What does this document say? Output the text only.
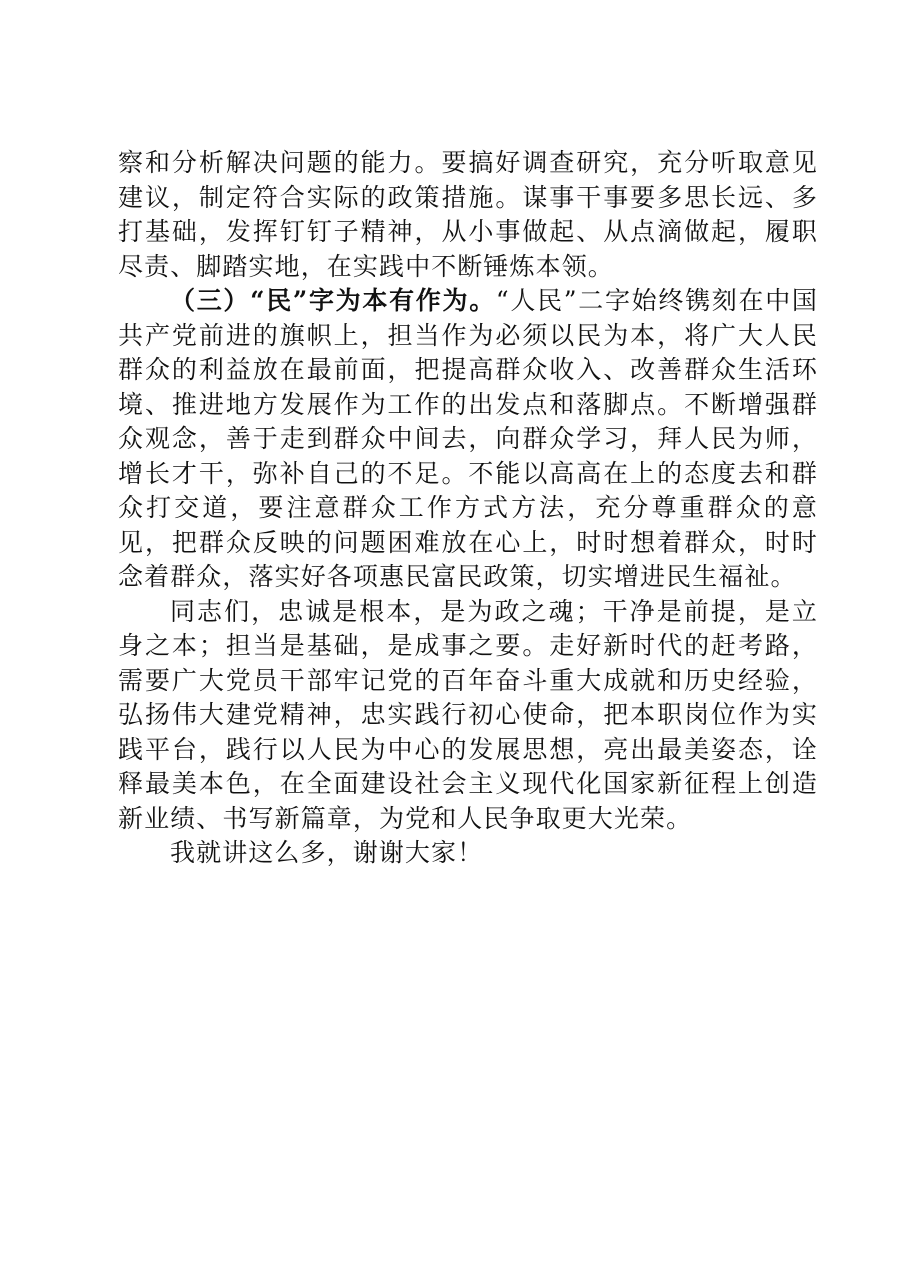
察和分析解决问题的能力。要搞好调查研究，充分听取意见建议，制定符合实际的政策措施。谋事干事要多思长远、多打基础，发挥钉钉子精神，从小事做起、从点滴做起，履职尽责、脚踏实地，在实践中不断锤炼本领。

（三）“民”字为本有作为。“人民”二字始终镌刻在中国共产党前进的旗帜上，担当作为必须以民为本，将广大人民群众的利益放在最前面，把提高群众收入、改善群众生活环境、推进地方发展作为工作的出发点和落脚点。不断增强群众观念，善于走到群众中间去，向群众学习，拜人民为师，增长才干，弥补自己的不足。不能以高高在上的态度去和群众打交道，要注意群众工作方式方法，充分尊重群众的意见，把群众反映的问题困难放在心上，时时想着群众，时时念着群众，落实好各项惠民富民政策，切实增进民生福祉。

同志们，忠诚是根本，是为政之魂；干净是前提，是立身之本；担当是基础，是成事之要。走好新时代的赶考路，需要广大党员干部牢记党的百年奋斗重大成就和历史经验，弘扬伟大建党精神，忠实践行初心使命，把本职岗位作为实践平台，践行以人民为中心的发展思想，亮出最美姿态，诠释最美本色，在全面建设社会主义现代化国家新征程上创造新业绩、书写新篇章，为党和人民争取更大光荣。

我就讲这么多，谢谢大家！
